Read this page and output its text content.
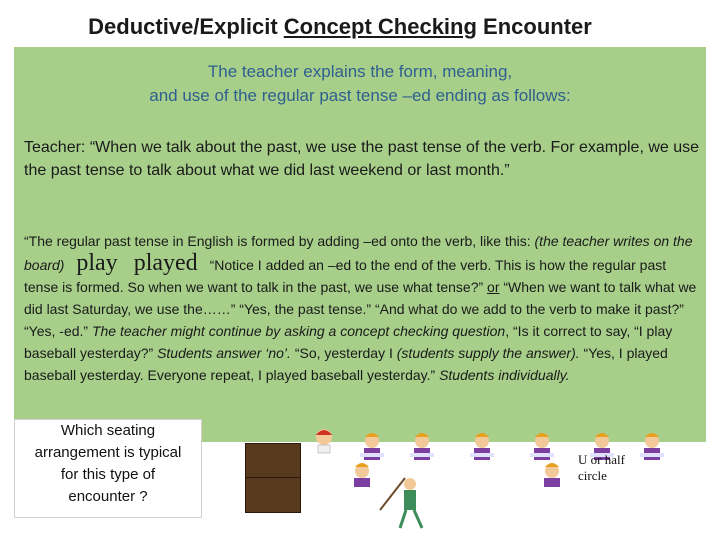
Deductive/Explicit Concept Checking Encounter
The teacher explains the form, meaning,
and use of the regular past tense –ed ending as follows:
Teacher: “When we talk about the past, we use the past tense of the verb. For example, we use the past tense to talk about what we did last weekend or last month.”
“The regular past tense in English is formed by adding –ed onto the verb, like this: (the teacher writes on the board) play played “Notice I added an –ed to the end of the verb. This is how the regular past tense is formed. So when we want to talk in the past, we use what tense?” or “When we want to talk what we did last Saturday, we use the……” “Yes, the past tense.” “And what do we add to the verb to make it past?” “Yes, -ed.” The teacher might continue by asking a concept checking question, “Is it correct to say, “I play baseball yesterday?” Students answer ‘no’. “So, yesterday I (students supply the answer). “Yes, I played baseball yesterday. Everyone repeat, I played baseball yesterday.” Students individually.
U or half
circle
Which seating
arrangement is typical
for this type of
encounter ?
